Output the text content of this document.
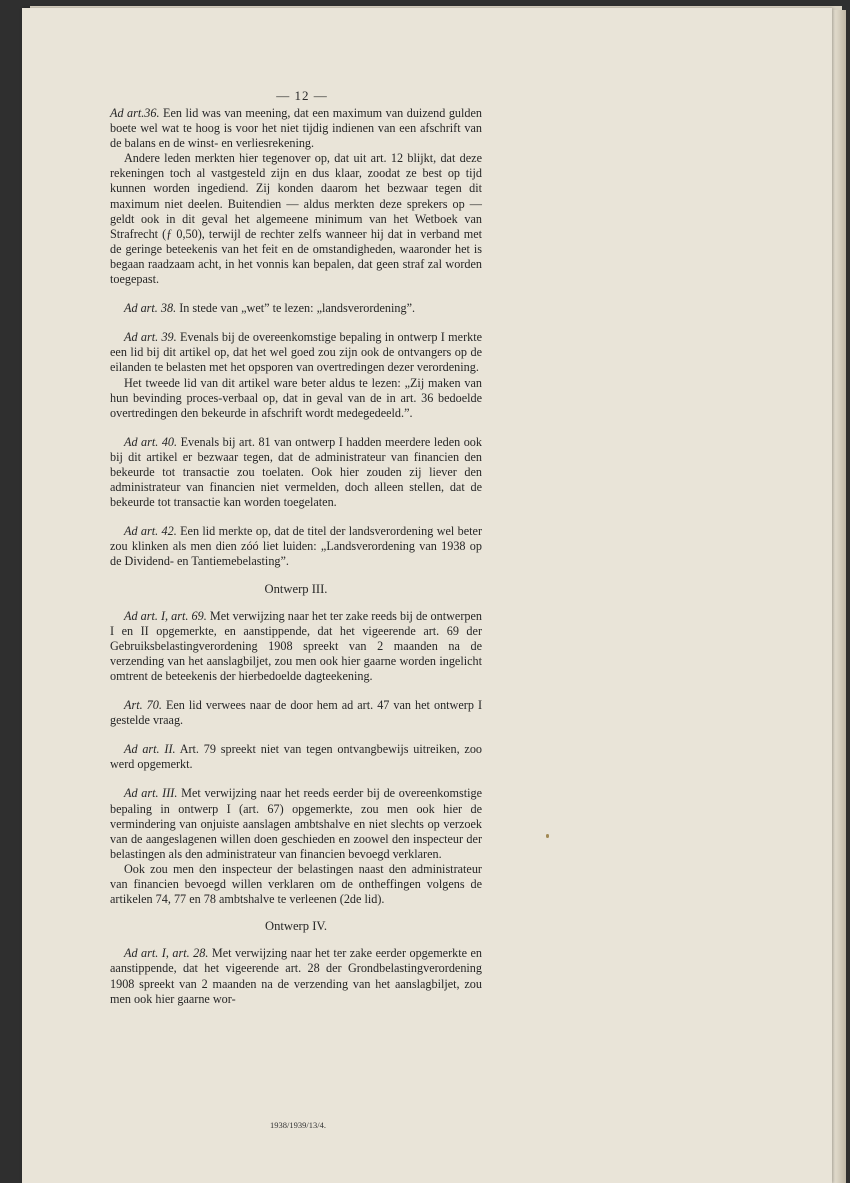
— 12 —

Ad art.36. Een lid was van meening, dat een maximum van duizend gulden boete wel wat te hoog is voor het niet tijdig indienen van een afschrift van de balans en de winst- en verliesrekening.

Andere leden merkten hier tegenover op, dat uit art. 12 blijkt, dat deze rekeningen toch al vastgesteld zijn en dus klaar, zoodat ze best op tijd kunnen worden ingediend. Zij konden daarom het bezwaar tegen dit maximum niet deelen. Buitendien — aldus merkten deze sprekers op — geldt ook in dit geval het algemeene minimum van het Wetboek van Strafrecht (ƒ 0,50), terwijl de rechter zelfs wanneer hij dat in verband met de geringe beteekenis van het feit en de omstandigheden, waaronder het is begaan raadzaam acht, in het vonnis kan bepalen, dat geen straf zal worden toegepast.

Ad art. 38. In stede van „wet” te lezen: „landsverordening”.

Ad art. 39. Evenals bij de overeenkomstige bepaling in ontwerp I merkte een lid bij dit artikel op, dat het wel goed zou zijn ook de ontvangers op de eilanden te belasten met het opsporen van overtredingen dezer verordening.

Het tweede lid van dit artikel ware beter aldus te lezen: „Zij maken van hun bevinding proces-verbaal op, dat in geval van de in art. 36 bedoelde overtredingen den bekeurde in afschrift wordt medegedeeld.”.

Ad art. 40. Evenals bij art. 81 van ontwerp I hadden meerdere leden ook bij dit artikel er bezwaar tegen, dat de administrateur van financien den bekeurde tot transactie zou toelaten. Ook hier zouden zij liever den administrateur van financien niet vermelden, doch alleen stellen, dat de bekeurde tot transactie kan worden toegelaten.

Ad art. 42. Een lid merkte op, dat de titel der landsverordening wel beter zou klinken als men dien zóó liet luiden: „Landsverordening van 1938 op de Dividend- en Tantiemebelasting”.

Ontwerp III.

Ad art. I, art. 69. Met verwijzing naar het ter zake reeds bij de ontwerpen I en II opgemerkte, en aanstippende, dat het vigeerende art. 69 der Gebruiksbelastingverordening 1908 spreekt van 2 maanden na de verzending van het aanslagbiljet, zou men ook hier gaarne worden ingelicht omtrent de beteekenis der hierbedoelde dagteekening.

Art. 70. Een lid verwees naar de door hem ad art. 47 van het ontwerp I gestelde vraag.

Ad art. II. Art. 79 spreekt niet van tegen ontvangbewijs uitreiken, zoo werd opgemerkt.

Ad art. III. Met verwijzing naar het reeds eerder bij de overeenkomstige bepaling in ontwerp I (art. 67) opgemerkte, zou men ook hier de vermindering van onjuiste aanslagen ambtshalve en niet slechts op verzoek van de aangeslagenen willen doen geschieden en zoowel den inspecteur der belastingen als den administrateur van financien bevoegd verklaren.

Ook zou men den inspecteur der belastingen naast den administrateur van financien bevoegd willen verklaren om de ontheffingen volgens de artikelen 74, 77 en 78 ambtshalve te verleenen (2de lid).

Ontwerp IV.

Ad art. I, art. 28. Met verwijzing naar het ter zake eerder opgemerkte en aanstippende, dat het vigeerende art. 28 der Grondbelastingverordening 1908 spreekt van 2 maanden na de verzending van het aanslagbiljet, zou men ook hier gaarne wor-

1938/1939/13/4.
